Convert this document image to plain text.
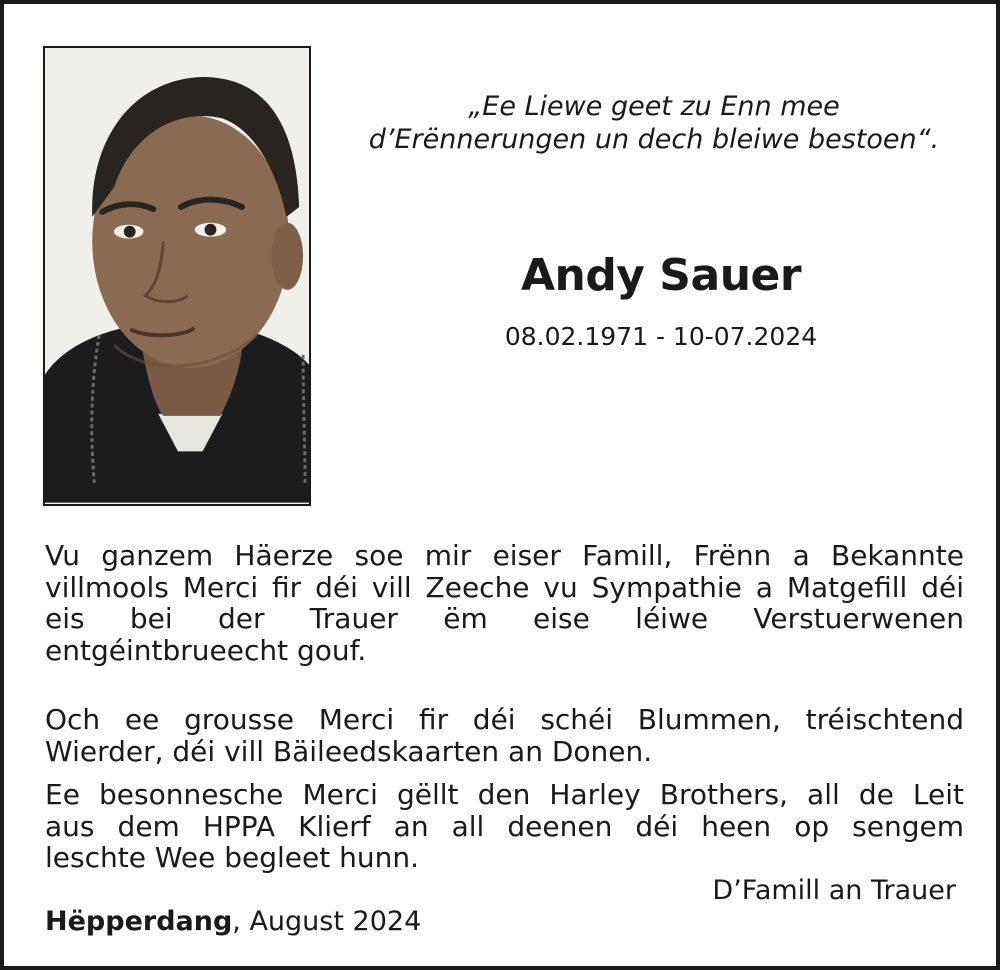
„Ee Liewe geet zu Enn mee
d’Erënnerungen un dech bleiwe bestoen“.
Andy Sauer
08.02.1971 - 10-07.2024
Vu ganzem Häerze soe mir eiser Famill, Frënn a Bekannte
villmools Merci fir déi vill Zeeche vu Sympathie a Matgefill déi
eis bei der Trauer ëm eise léiwe Verstuerwenen
entgéintbrueecht gouf.
Och ee grousse Merci fir déi schéi Blummen, tréischtend
Wierder, déi vill Bäileedskaarten an Donen.
Ee besonnesche Merci gëllt den Harley Brothers, all de Leit
aus dem HPPA Klierf an all deenen déi heen op sengem
leschte Wee begleet hunn.
D’Famill an Trauer
Hëpperdang, August 2024
